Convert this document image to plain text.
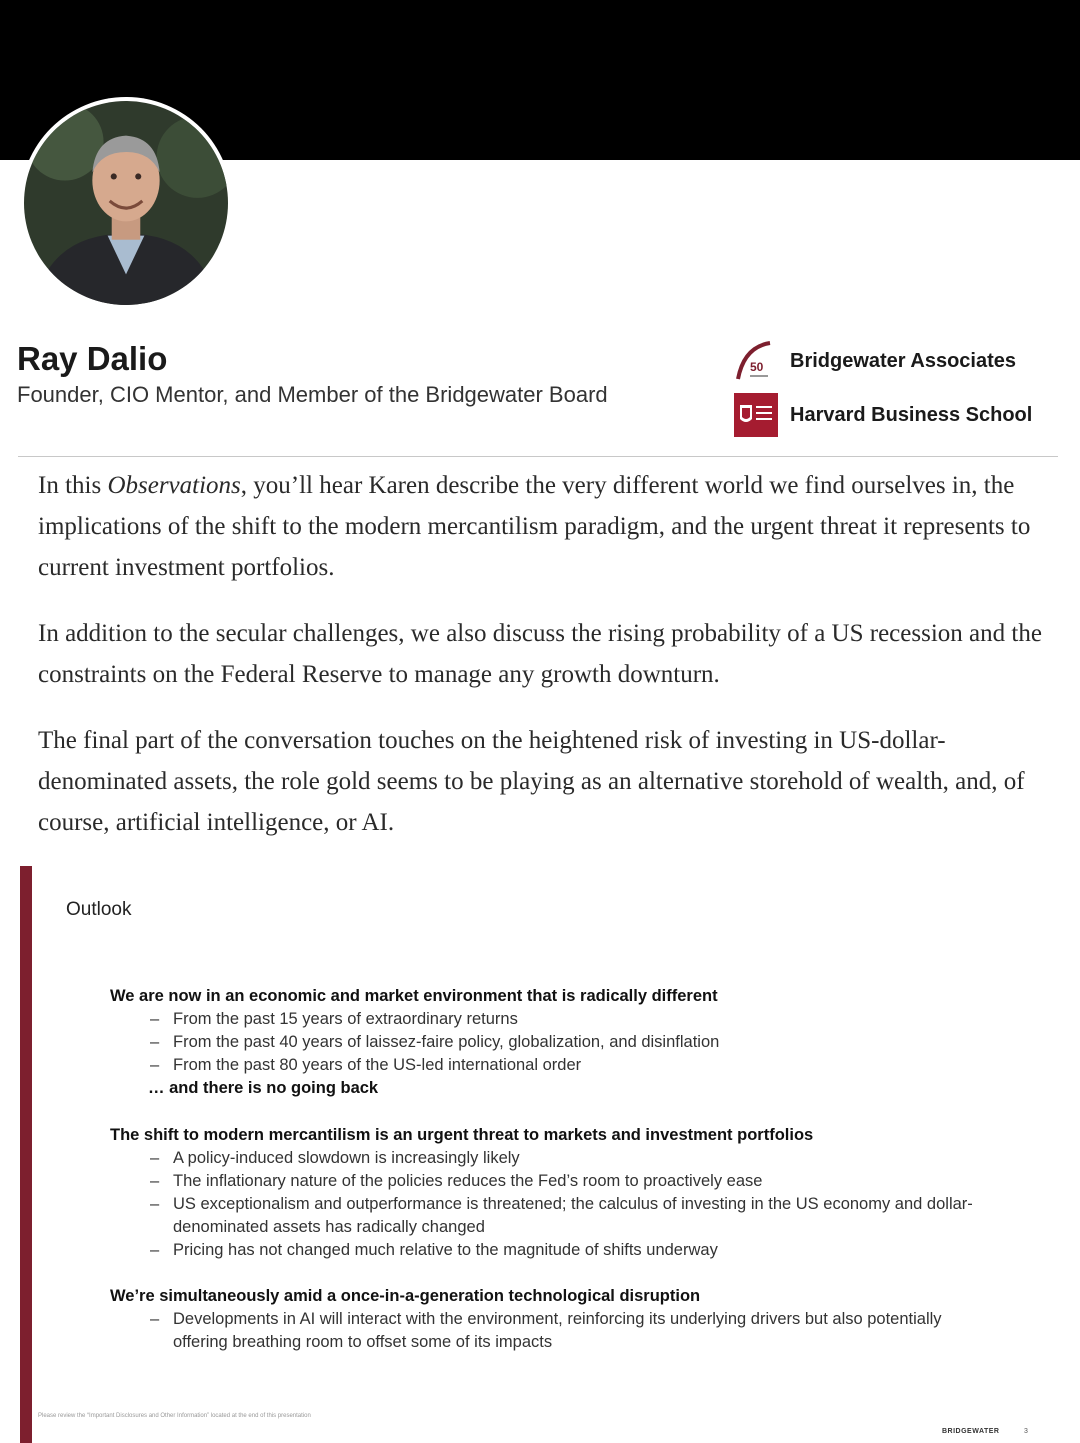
Ray Dalio
Founder, CIO Mentor, and Member of the Bridgewater Board
50 Bridgewater Associates
Harvard Business School

In this Observations, you’ll hear Karen describe the very different world we find ourselves in, the implications of the shift to the modern mercantilism paradigm, and the urgent threat it represents to current investment portfolios.

In addition to the secular challenges, we also discuss the rising probability of a US recession and the constraints on the Federal Reserve to manage any growth downturn.

The final part of the conversation touches on the heightened risk of investing in US-dollar-denominated assets, the role gold seems to be playing as an alternative storehold of wealth, and, of course, artificial intelligence, or AI.

Outlook
We are now in an economic and market environment that is radically different
– From the past 15 years of extraordinary returns
– From the past 40 years of laissez-faire policy, globalization, and disinflation
– From the past 80 years of the US-led international order
… and there is no going back
The shift to modern mercantilism is an urgent threat to markets and investment portfolios
– A policy-induced slowdown is increasingly likely
– The inflationary nature of the policies reduces the Fed’s room to proactively ease
– US exceptionalism and outperformance is threatened; the calculus of investing in the US economy and dollar-denominated assets has radically changed
– Pricing has not changed much relative to the magnitude of shifts underway
We’re simultaneously amid a once-in-a-generation technological disruption
– Developments in AI will interact with the environment, reinforcing its underlying drivers but also potentially offering breathing room to offset some of its impacts
Please review the “Important Disclosures and Other Information” located at the end of this presentation
BRIDGEWATER	3
